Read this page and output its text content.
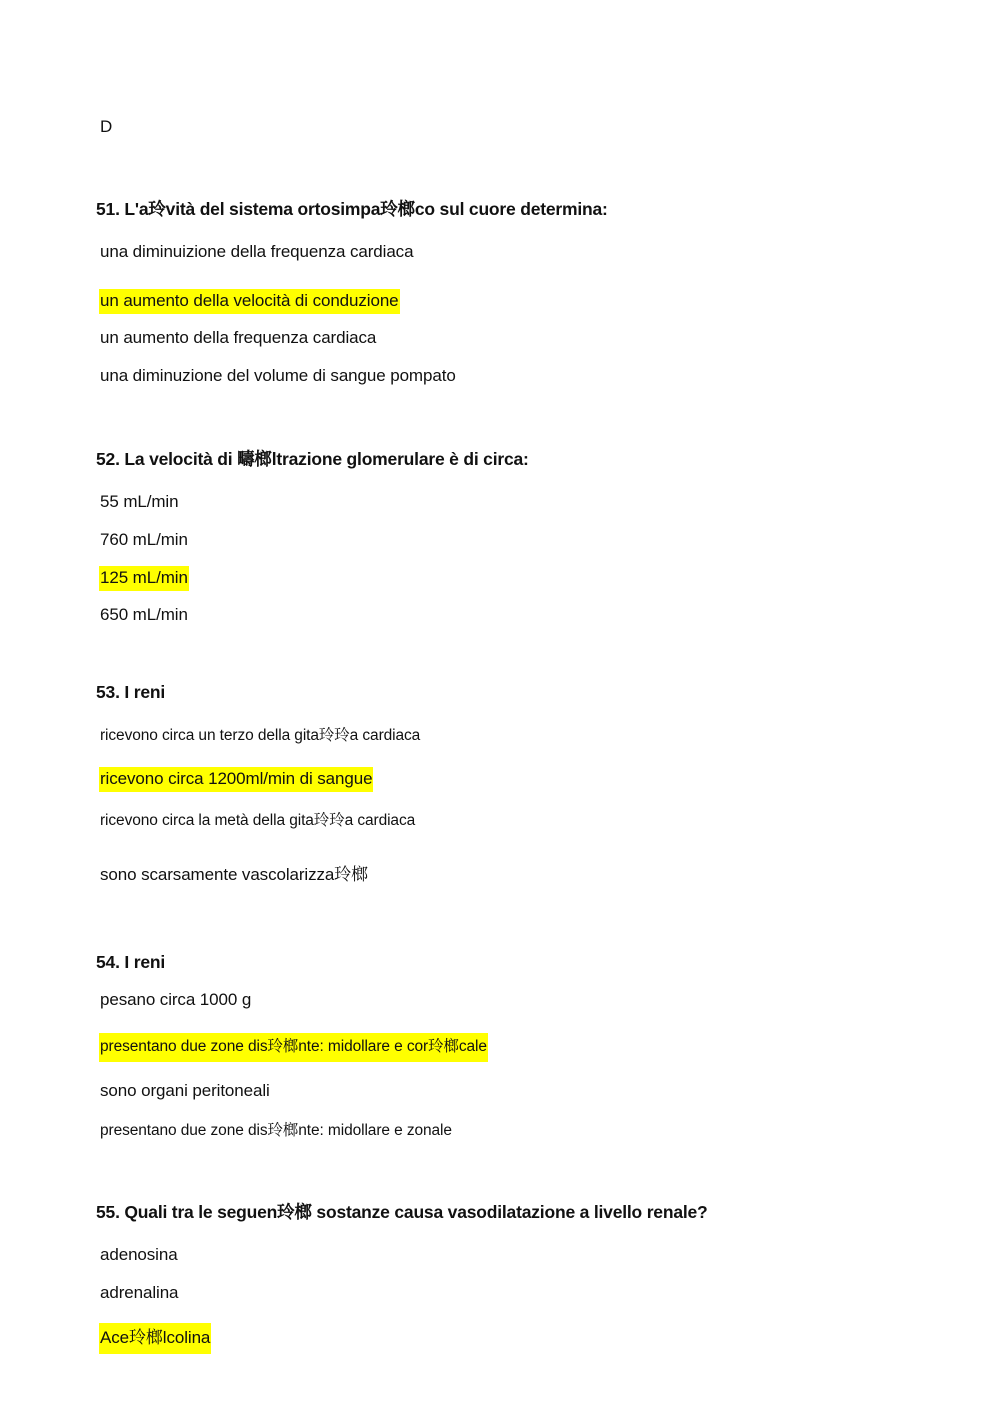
D
51. L'a玲vità del sistema ortosimpa玲榔co sul cuore determina:
una diminuizione della frequenza cardiaca
un aumento della velocità di conduzione
un aumento della frequenza cardiaca
una diminuzione del volume di sangue pompato
52. La velocità di 疇榔ltrazione glomerulare è di circa:
55 mL/min
760 mL/min
125 mL/min
650 mL/min
53. I reni
ricevono circa un terzo della gita玲玲a cardiaca
ricevono circa 1200ml/min di sangue
ricevono circa la metà della gita玲玲a cardiaca
sono scarsamente vascolarizza玲榔
54. I reni
pesano circa 1000 g
presentano due zone dis玲榔nte: midollare e cor玲榔cale
sono organi peritoneali
presentano due zone dis玲榔nte: midollare e zonale
55. Quali tra le seguen玲榔 sostanze causa vasodilatazione a livello renale?
adenosina
adrenalina
Ace玲榔lcolina
